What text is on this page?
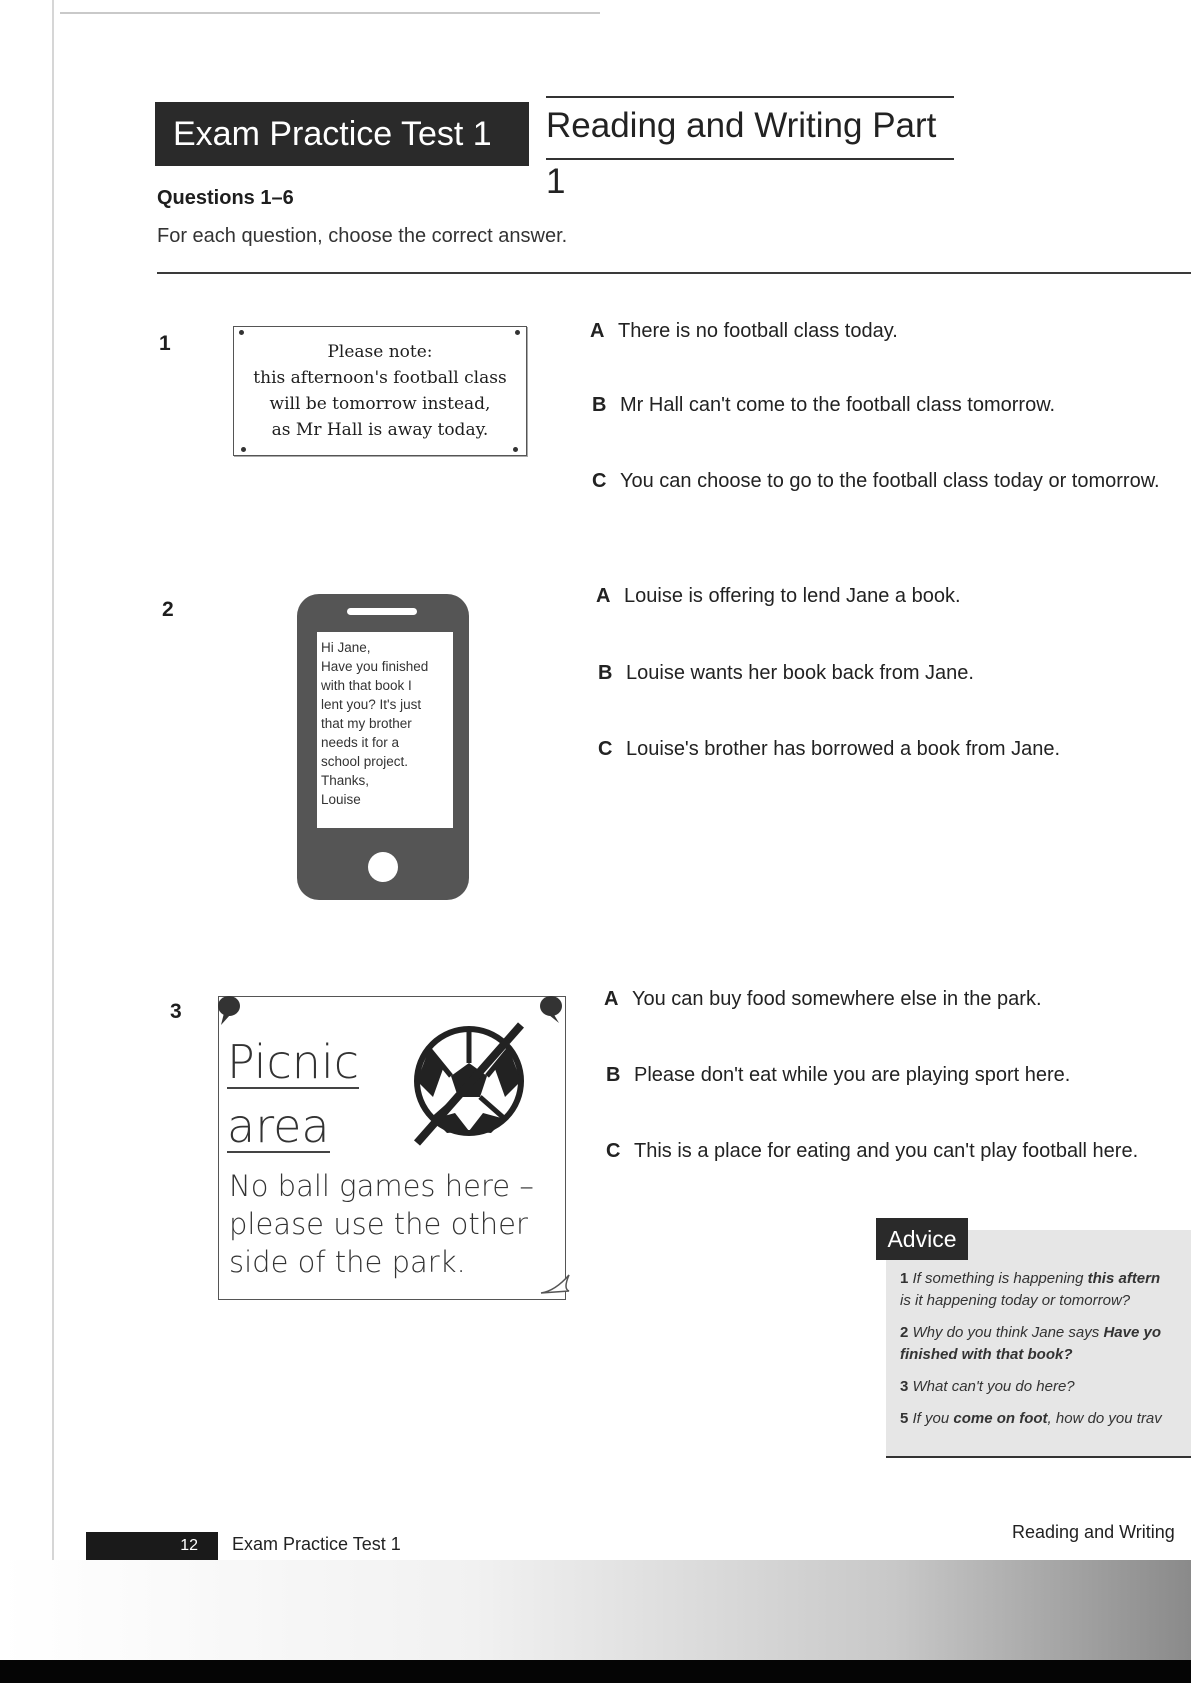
Exam Practice Test 1	Reading and Writing Part 1
Questions 1–6
For each question, choose the correct answer.
1	Please note:
this afternoon's football class
will be tomorrow instead,
as Mr Hall is away today.
A There is no football class today.
B Mr Hall can't come to the football class tomorrow.
C You can choose to go to the football class today or tomorrow.
2
Hi Jane,
Have you finished
with that book I
lent you? It's just
that my brother
needs it for a
school project.
Thanks,
Louise
A Louise is offering to lend Jane a book.
B Louise wants her book back from Jane.
C Louise's brother has borrowed a book from Jane.
3
Picnic
area
No ball games here – please use the other side of the park.
A You can buy food somewhere else in the park.
B Please don't eat while you are playing sport here.
C This is a place for eating and you can't play football here.
Advice
1 If something is happening this aftern
is it happening today or tomorrow?
2 Why do you think Jane says Have yo
finished with that book?
3 What can't you do here?
5 If you come on foot, how do you trav
12	Exam Practice Test 1
Reading and Writing
